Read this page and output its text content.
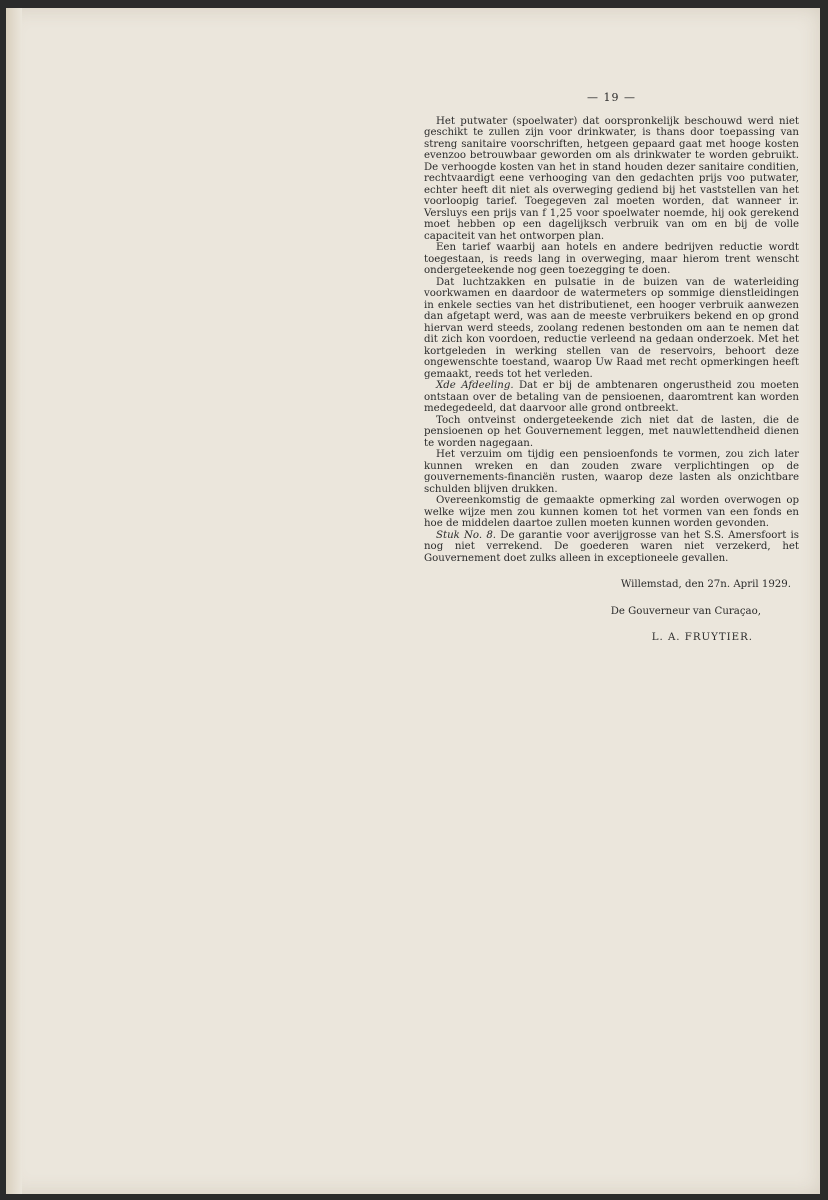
— 19 —

Het putwater (spoelwater) dat oorspronkelijk beschouwd werd niet geschikt te zullen zijn voor drinkwater, is thans door toepassing van streng sanitaire voorschriften, hetgeen gepaard gaat met hooge kosten evenzoo betrouwbaar geworden om als drinkwater te worden gebruikt. De verhoogde kosten van het in stand houden dezer sanitaire conditien, rechtvaardigt eene verhooging van den gedachten prijs voo putwater, echter heeft dit niet als overweging gediend bij het vaststellen van het voorloopig tarief. Toegegeven zal moeten worden, dat wanneer ir. Versluys een prijs van f 1,25 voor spoelwater noemde, hij ook gerekend moet hebben op een dagelijksch verbruik van om en bij de volle capaciteit van het ontworpen plan.

Een tarief waarbij aan hotels en andere bedrijven reductie wordt toegestaan, is reeds lang in overweging, maar hierom trent wenscht ondergeteekende nog geen toezegging te doen.

Dat luchtzakken en pulsatie in de buizen van de waterleiding voorkwamen en daardoor de watermeters op sommige dienstleidingen in enkele secties van het distributienet, een hooger verbruik aanwezen dan afgetapt werd, was aan de meeste verbruikers bekend en op grond hiervan werd steeds, zoolang redenen bestonden om aan te nemen dat dit zich kon voordoen, reductie verleend na gedaan onderzoek. Met het kortgeleden in werking stellen van de reservoirs, behoort deze ongewenschte toestand, waarop Uw Raad met recht opmerkingen heeft gemaakt, reeds tot het verleden.

Xde Afdeeling. Dat er bij de ambtenaren ongerustheid zou moeten ontstaan over de betaling van de pensioenen, daaromtrent kan worden medegedeeld, dat daarvoor alle grond ontbreekt.

Toch ontveinst ondergeteekende zich niet dat de lasten, die de pensioenen op het Gouvernement leggen, met nauwlettendheid dienen te worden nagegaan.

Het verzuim om tijdig een pensioenfonds te vormen, zou zich later kunnen wreken en dan zouden zware verplichtingen op de gouvernements-financiën rusten, waarop deze lasten als onzichtbare schulden blijven drukken.

Overeenkomstig de gemaakte opmerking zal worden overwogen op welke wijze men zou kunnen komen tot het vormen van een fonds en hoe de middelen daartoe zullen moeten kunnen worden gevonden.

Stuk No. 8. De garantie voor averijgrosse van het S.S. Amersfoort is nog niet verrekend. De goederen waren niet verzekerd, het Gouvernement doet zulks alleen in exceptioneele gevallen.

Willemstad, den 27n. April 1929.
De Gouverneur van Curaçao,
L. A. FRUYTIER.
